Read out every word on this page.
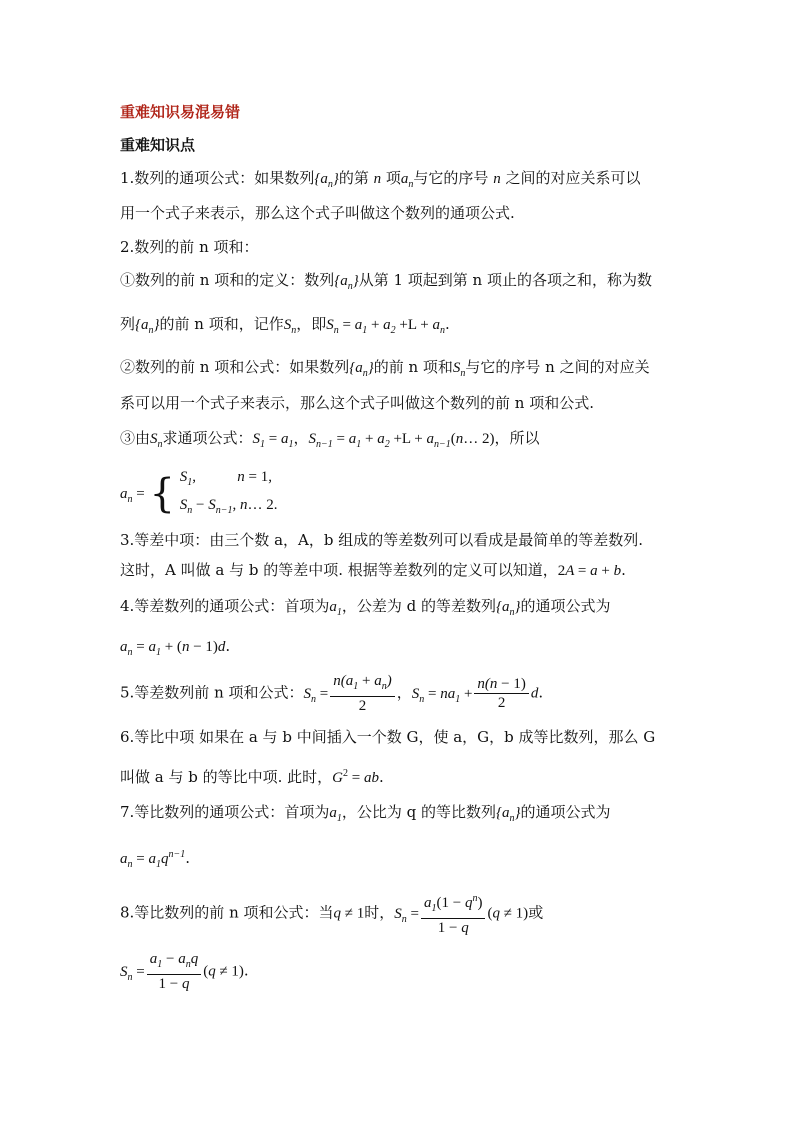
重难知识易混易错
重难知识点
1.数列的通项公式：如果数列$\{a_n\}$的第 n 项$a_n$与它的序号 n 之间的对应关系可以
用一个式子来表示，那么这个式子叫做这个数列的通项公式.
2.数列的前 n 项和：
①数列的前 n 项和的定义：数列$\{a_n\}$从第 1 项起到第 n 项止的各项之和，称为数
列$\{a_n\}$的前 n 项和，记作$S_n$，即$S_n = a_1 + a_2 +L + a_n$.
②数列的前 n 项和公式：如果数列$\{a_n\}$的前 n 项和$S_n$与它的序号 n 之间的对应关
系可以用一个式子来表示，那么这个式子叫做这个数列的前 n 项和公式.
③由$S_n$求通项公式：$S_1 = a_1$，$S_{n-1} = a_1 + a_2 +L$ + $a_{n-1}(n\dots$ 2)，所以
$a_n$ = { $S_1$,           n = 1,
$S_n - S_{n-1}$, n… 2.
3.等差中项：由三个数 a，A，b 组成的等差数列可以看成是最简单的等差数列.
这时，A 叫做 a 与 b 的等差中项. 根据等差数列的定义可以知道，2A = a + b.
4.等差数列的通项公式：首项为$a_1$，公差为 d 的等差数列$\{a_n\}$的通项公式为
$a_n = a_1 + (n - 1)d$.
5.等差数列前 n 项和公式：$S_n = \frac{n(a_1 + a_n)}{2}$ ，$S_n = na_1 + \frac{n(n - 1)}{2} d$.
6.等比中项 如果在 a 与 b 中间插入一个数 G，使 a，G，b 成等比数列，那么 G
叫做 a 与 b 的等比中项. 此时，$G^2$ = ab.
7.等比数列的通项公式：首项为$a_1$，公比为 q 的等比数列$\{a_n\}$的通项公式为
$a_n = a_1q^{n-1}$.
8.等比数列的前 n 项和公式：当q ≠ 1时，$S_n = \frac{a_1(1 - q^n)}{1 - q} (q \ne 1)$或
$S_n = \frac{a_1 - a_nq}{1 - q} (q \ne 1)$.
